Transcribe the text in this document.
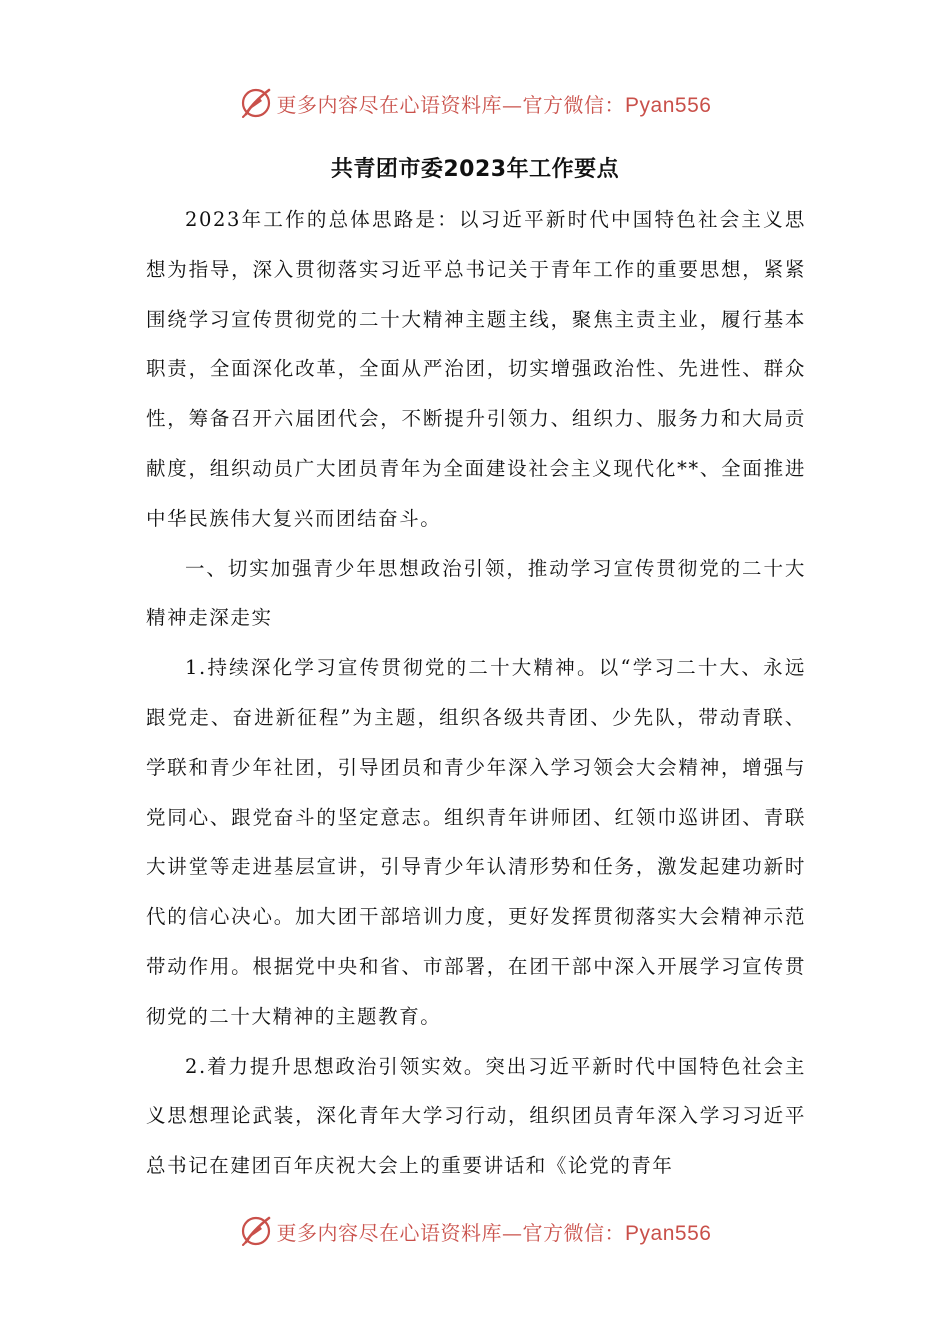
更多内容尽在心语资料库—官方微信：Pyan556
共青团市委2023年工作要点

2023年工作的总体思路是：以习近平新时代中国特色社会主义思想为指导，深入贯彻落实习近平总书记关于青年工作的重要思想，紧紧围绕学习宣传贯彻党的二十大精神主题主线，聚焦主责主业，履行基本职责，全面深化改革，全面从严治团，切实增强政治性、先进性、群众性，筹备召开六届团代会，不断提升引领力、组织力、服务力和大局贡献度，组织动员广大团员青年为全面建设社会主义现代化**、全面推进中华民族伟大复兴而团结奋斗。

一、切实加强青少年思想政治引领，推动学习宣传贯彻党的二十大精神走深走实

1.持续深化学习宣传贯彻党的二十大精神。以“学习二十大、永远跟党走、奋进新征程”为主题，组织各级共青团、少先队，带动青联、学联和青少年社团，引导团员和青少年深入学习领会大会精神，增强与党同心、跟党奋斗的坚定意志。组织青年讲师团、红领巾巡讲团、青联大讲堂等走进基层宣讲，引导青少年认清形势和任务，激发起建功新时代的信心决心。加大团干部培训力度，更好发挥贯彻落实大会精神示范带动作用。根据党中央和省、市部署，在团干部中深入开展学习宣传贯彻党的二十大精神的主题教育。

2.着力提升思想政治引领实效。突出习近平新时代中国特色社会主义思想理论武装，深化青年大学习行动，组织团员青年深入学习习近平总书记在建团百年庆祝大会上的重要讲话和《论党的青年

更多内容尽在心语资料库—官方微信：Pyan556
